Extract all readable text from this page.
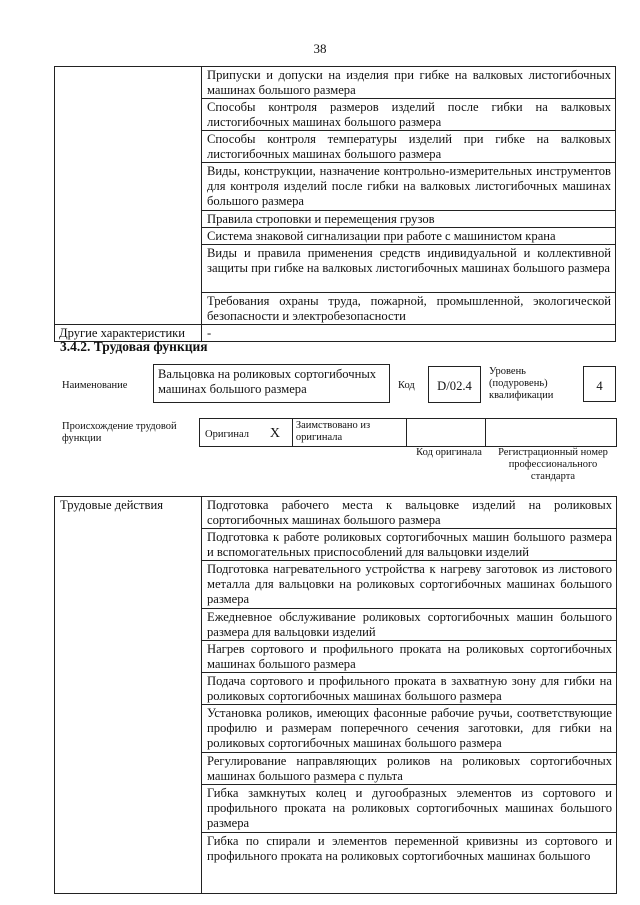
38

	Припуски и допуски на изделия при гибке на валковых листогибочных машинах большого размера

	Способы контроля размеров изделий после гибки на валковых листогибочных машинах большого размера

	Способы контроля температуры изделий при гибке на валковых листогибочных машинах большого размера

	Виды, конструкции, назначение контрольно-измерительных инструментов для контроля изделий после гибки на валковых листогибочных машинах большого размера

	Правила строповки и перемещения грузов

	Система знаковой сигнализации при работе с машинистом крана

	Виды и правила применения средств индивидуальной и коллективной защиты при гибке на валковых листогибочных машинах большого размера

	Требования охраны труда, пожарной, промышленной, экологической безопасности и электробезопасности

Другие характеристики	-
3.4.2. Трудовая функция
Наименование
Вальцовка на роликовых сортогибочных машинах большого размера	Код	D/02.4
Уровень (подуровень) квалификации
4
Происхождение трудовой функции	Оригинал	X	Заимствовано из оригинала

Код оригинала	Регистрационный номер профессионального стандарта
Трудовые действия	Подготовка рабочего места к вальцовке изделий на роликовых сортогибочных машинах большого размера

Подготовка к работе роликовых сортогибочных машин большого размера и вспомогательных приспособлений для вальцовки изделий

Подготовка нагревательного устройства к нагреву заготовок из листового металла для вальцовки на роликовых сортогибочных машинах большого размера

Ежедневное обслуживание роликовых сортогибочных машин большого размера для вальцовки изделий

Нагрев сортового и профильного проката на роликовых сортогибочных машинах большого размера

Подача сортового и профильного проката в захватную зону для гибки на роликовых сортогибочных машинах большого размера

Установка роликов, имеющих фасонные рабочие ручьи, соответствующие профилю и размерам поперечного сечения заготовки, для гибки на роликовых сортогибочных машинах большого размера

Регулирование направляющих роликов на роликовых сортогибочных машинах большого размера с пульта

Гибка замкнутых колец и дугообразных элементов из сортового и профильного проката на роликовых сортогибочных машинах большого размера

Гибка по спирали и элементов переменной кривизны из сортового и профильного проката на роликовых сортогибочных машинах большого
